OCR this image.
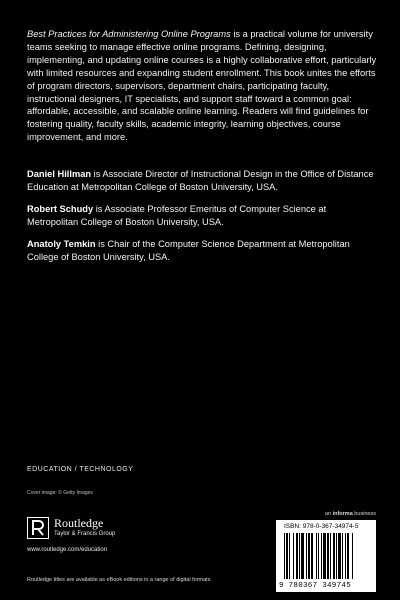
Best Practices for Administering Online Programs is a practical volume for university teams seeking to manage effective online programs. Defining, designing, implementing, and updating online courses is a highly collaborative effort, particularly with limited resources and expanding student enrollment. This book unites the efforts of program directors, supervisors, department chairs, participating faculty, instructional designers, IT specialists, and support staff toward a common goal: affordable, accessible, and scalable online learning. Readers will find guidelines for fostering quality, faculty skills, academic integrity, learning objectives, course improvement, and more.
Daniel Hillman is Associate Director of Instructional Design in the Office of Distance Education at Metropolitan College of Boston University, USA.
Robert Schudy is Associate Professor Emeritus of Computer Science at Metropolitan College of Boston University, USA.
Anatoly Temkin is Chair of the Computer Science Department at Metropolitan College of Boston University, USA.
EDUCATION / TECHNOLOGY
Cover image: © Getty Images
Routledge
Taylor & Francis Group
www.routledge.com/education
an informa business
Routledge titles are available as eBook editions in a range of digital formats
ISBN: 978-0-367-34974-5
9 780367 349745
